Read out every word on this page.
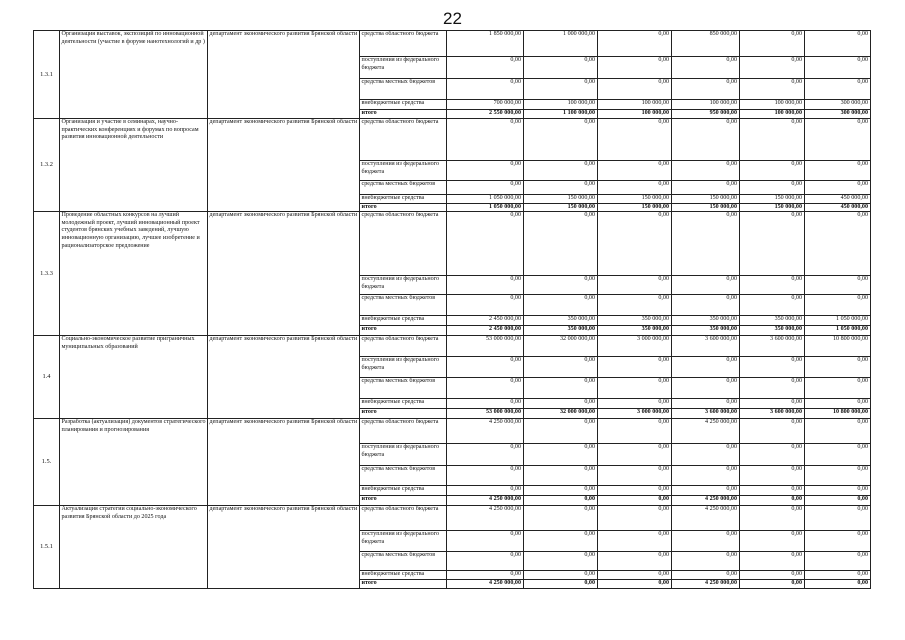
22
1.3.1	Организация выставок, экспозиций по инновационной деятельности (участие в форуме нанотехнологий и др )	департамент экономического развития Брянской области	средства областного бюджета	1 850 000,00	1 000 000,00	0,00	850 000,00	0,00	0,00
			поступления из федерального бюджета	0,00	0,00	0,00	0,00	0,00	0,00
			средства местных бюджетов	0,00	0,00	0,00	0,00	0,00	0,00
			внебюджетные средства	700 000,00	100 000,00	100 000,00	100 000,00	100 000,00	300 000,00
			итого	2 550 000,00	1 100 000,00	100 000,00	950 000,00	100 000,00	300 000,00
1.3.2	Организация и участие в семинарах, научно-практических конференциях и форумах по вопросам развития инновационной деятельности	департамент экономического развития Брянской области	средства областного бюджета	0,00	0,00	0,00	0,00	0,00	0,00
			поступления из федерального бюджета	0,00	0,00	0,00	0,00	0,00	0,00
			средства местных бюджетов	0,00	0,00	0,00	0,00	0,00	0,00
			внебюджетные средства	1 050 000,00	150 000,00	150 000,00	150 000,00	150 000,00	450 000,00
			итого	1 050 000,00	150 000,00	150 000,00	150 000,00	150 000,00	450 000,00
1.3.3	Проведение областных конкурсов на лучший молодежный проект, лучший инновационный проект студентов брянских учебных заведений, лучшую инновационную организацию, лучшее изобретение и рационализаторское предложение	департамент экономического развития Брянской области	средства областного бюджета	0,00	0,00	0,00	0,00	0,00	0,00
			поступления из федерального бюджета	0,00	0,00	0,00	0,00	0,00	0,00
			средства местных бюджетов	0,00	0,00	0,00	0,00	0,00	0,00
			внебюджетные средства	2 450 000,00	350 000,00	350 000,00	350 000,00	350 000,00	1 050 000,00
			итого	2 450 000,00	350 000,00	350 000,00	350 000,00	350 000,00	1 050 000,00
1.4	Социально-экономическое развитие приграничных муниципальных образований	департамент экономического развития Брянской области	средства областного бюджета	53 000 000,00	32 000 000,00	3 000 000,00	3 600 000,00	3 600 000,00	10 800 000,00
			поступления из федерального бюджета	0,00	0,00	0,00	0,00	0,00	0,00
			средства местных бюджетов	0,00	0,00	0,00	0,00	0,00	0,00
			внебюджетные средства	0,00	0,00	0,00	0,00	0,00	0,00
			итого	53 000 000,00	32 000 000,00	3 000 000,00	3 600 000,00	3 600 000,00	10 800 000,00
1.5.	Разработка (актуализация) документов стратегического планирования и прогнозирования	департамент экономического развития Брянской области	средства областного бюджета	4 250 000,00	0,00	0,00	4 250 000,00	0,00	0,00
			поступления из федерального бюджета	0,00	0,00	0,00	0,00	0,00	0,00
			средства местных бюджетов	0,00	0,00	0,00	0,00	0,00	0,00
			внебюджетные средства	0,00	0,00	0,00	0,00	0,00	0,00
			итого	4 250 000,00	0,00	0,00	4 250 000,00	0,00	0,00
1.5.1	Актуализация стратегии социально-экономического развития Брянской области до 2025 года	департамент экономического развития Брянской области	средства областного бюджета	4 250 000,00	0,00	0,00	4 250 000,00	0,00	0,00
			поступления из федерального бюджета	0,00	0,00	0,00	0,00	0,00	0,00
			средства местных бюджетов	0,00	0,00	0,00	0,00	0,00	0,00
			внебюджетные средства	0,00	0,00	0,00	0,00	0,00	0,00
			итого	4 250 000,00	0,00	0,00	4 250 000,00	0,00	0,00
